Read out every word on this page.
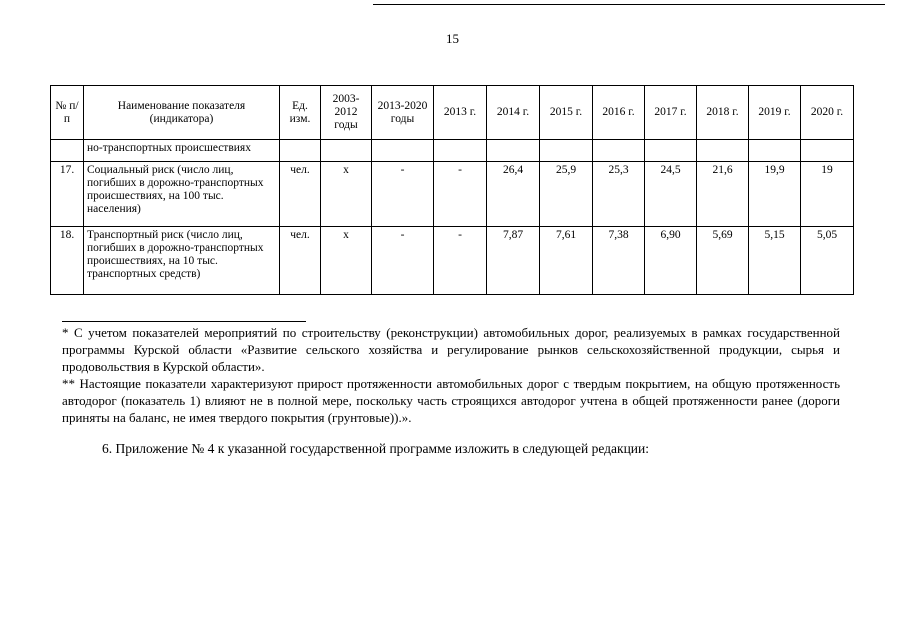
15
№ п/п	Наименование показателя (индикатора)	Ед. изм.	2003-2012 годы	2013-2020 годы	2013 г.	2014 г.	2015 г.	2016 г.	2017 г.	2018 г.	2019 г.	2020 г.
	но-транспортных происшествиях											
17.	Социальный риск (число лиц, погибших в дорожно-транспортных происшествиях, на 100 тыс. населения)	чел.	х	-	-	26,4	25,9	25,3	24,5	21,6	19,9	19
18.	Транспортный риск (число лиц, погибших в дорожно-транспортных происшествиях, на 10 тыс. транспортных средств)	чел.	х	-	-	7,87	7,61	7,38	6,90	5,69	5,15	5,05

* С учетом показателей мероприятий по строительству (реконструкции) автомобильных дорог, реализуемых в рамках государственной программы Курской области «Развитие сельского хозяйства и регулирование рынков сельскохозяйственной продукции, сырья и продовольствия в Курской области».

** Настоящие показатели характеризуют прирост протяженности автомобильных дорог с твердым покрытием, на общую протяженность автодорог (показатель 1) влияют не в полной мере, поскольку часть строящихся автодорог учтена в общей протяженности ранее (дороги приняты на баланс, не имея твердого покрытия (грунтовые)).».

6. Приложение № 4 к указанной государственной программе изложить в следующей редакции:
